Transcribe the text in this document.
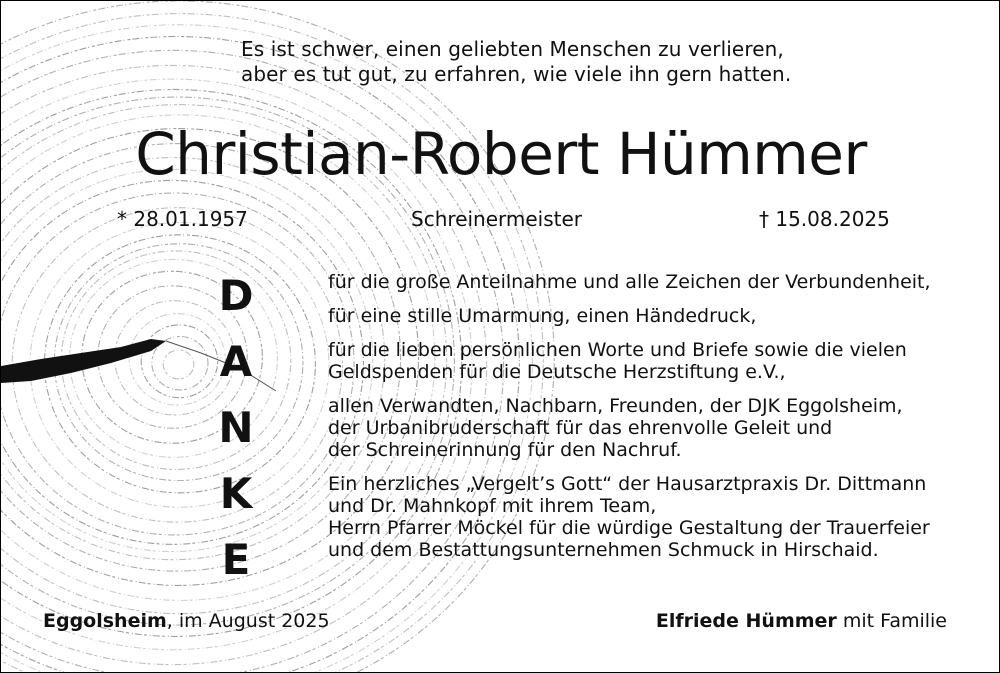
Es ist schwer, einen geliebten Menschen zu verlieren,
aber es tut gut, zu erfahren, wie viele ihn gern hatten.
Christian-Robert Hümmer
* 28.01.1957	Schreinermeister	† 15.08.2025
D
A
N
K
E
für die große Anteilnahme und alle Zeichen der Verbundenheit,
für eine stille Umarmung, einen Händedruck,
für die lieben persönlichen Worte und Briefe sowie die vielen
Geldspenden für die Deutsche Herzstiftung e.V.,
allen Verwandten, Nachbarn, Freunden, der DJK Eggolsheim,
der Urbanibruderschaft für das ehrenvolle Geleit und
der Schreinerinnung für den Nachruf.
Ein herzliches „Vergelt’s Gott“ der Hausarztpraxis Dr. Dittmann
und Dr. Mahnkopf mit ihrem Team,
Herrn Pfarrer Möckel für die würdige Gestaltung der Trauerfeier
und dem Bestattungsunternehmen Schmuck in Hirschaid.
Eggolsheim, im August 2025	Elfriede Hümmer mit Familie
